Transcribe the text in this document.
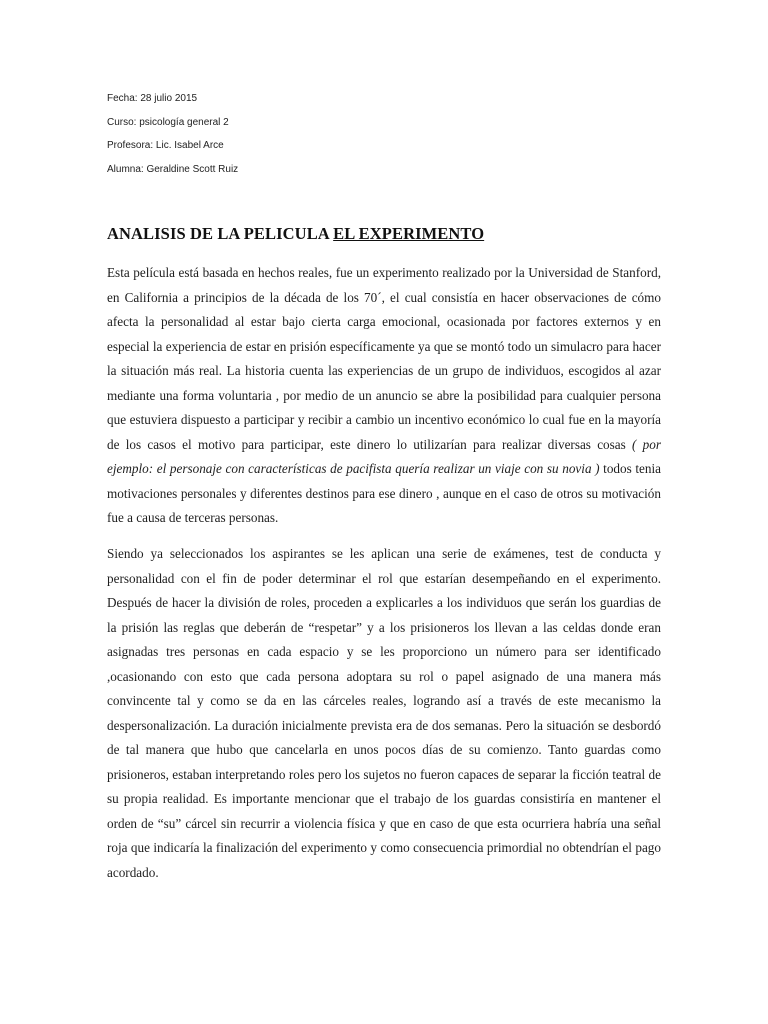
Fecha: 28 julio 2015
Curso: psicología general 2
Profesora: Lic. Isabel Arce
Alumna: Geraldine Scott Ruiz
ANALISIS DE LA PELICULA EL EXPERIMENTO

Esta película está basada en hechos reales, fue un experimento realizado por la Universidad de Stanford, en California a principios de la década de los 70´, el cual consistía en hacer observaciones de cómo afecta la personalidad al estar bajo cierta carga emocional, ocasionada por factores externos y en especial la experiencia de estar en prisión específicamente ya que se montó todo un simulacro para hacer la situación más real. La historia cuenta las experiencias de un grupo de individuos, escogidos al azar mediante una forma voluntaria , por medio de un anuncio se abre la posibilidad para cualquier persona que estuviera dispuesto a participar y recibir a cambio un incentivo económico lo cual fue en la mayoría de los casos el motivo para participar, este dinero lo utilizarían para realizar diversas cosas ( por ejemplo: el personaje con características de pacifista quería realizar un viaje con su novia ) todos tenia motivaciones personales y diferentes destinos para ese dinero , aunque en el caso de otros su motivación fue a causa de terceras personas.

Siendo ya seleccionados los aspirantes se les aplican una serie de exámenes, test de conducta y personalidad con el fin de poder determinar el rol que estarían desempeñando en el experimento. Después de hacer la división de roles, proceden a explicarles a los individuos que serán los guardias de la prisión las reglas que deberán de “respetar” y a los prisioneros los llevan a las celdas donde eran asignadas tres personas en cada espacio y se les proporciono un número para ser identificado ,ocasionando con esto que cada persona adoptara su rol o papel asignado de una manera más convincente tal y como se da en las cárceles reales, logrando así a través de este mecanismo la despersonalización. La duración inicialmente prevista era de dos semanas. Pero la situación se desbordó de tal manera que hubo que cancelarla en unos pocos días de su comienzo. Tanto guardas como prisioneros, estaban interpretando roles pero los sujetos no fueron capaces de separar la ficción teatral de su propia realidad. Es importante mencionar que el trabajo de los guardas consistiría en mantener el orden de “su” cárcel sin recurrir a violencia física y que en caso de que esta ocurriera habría una señal roja que indicaría la finalización del experimento y como consecuencia primordial no obtendrían el pago acordado.
